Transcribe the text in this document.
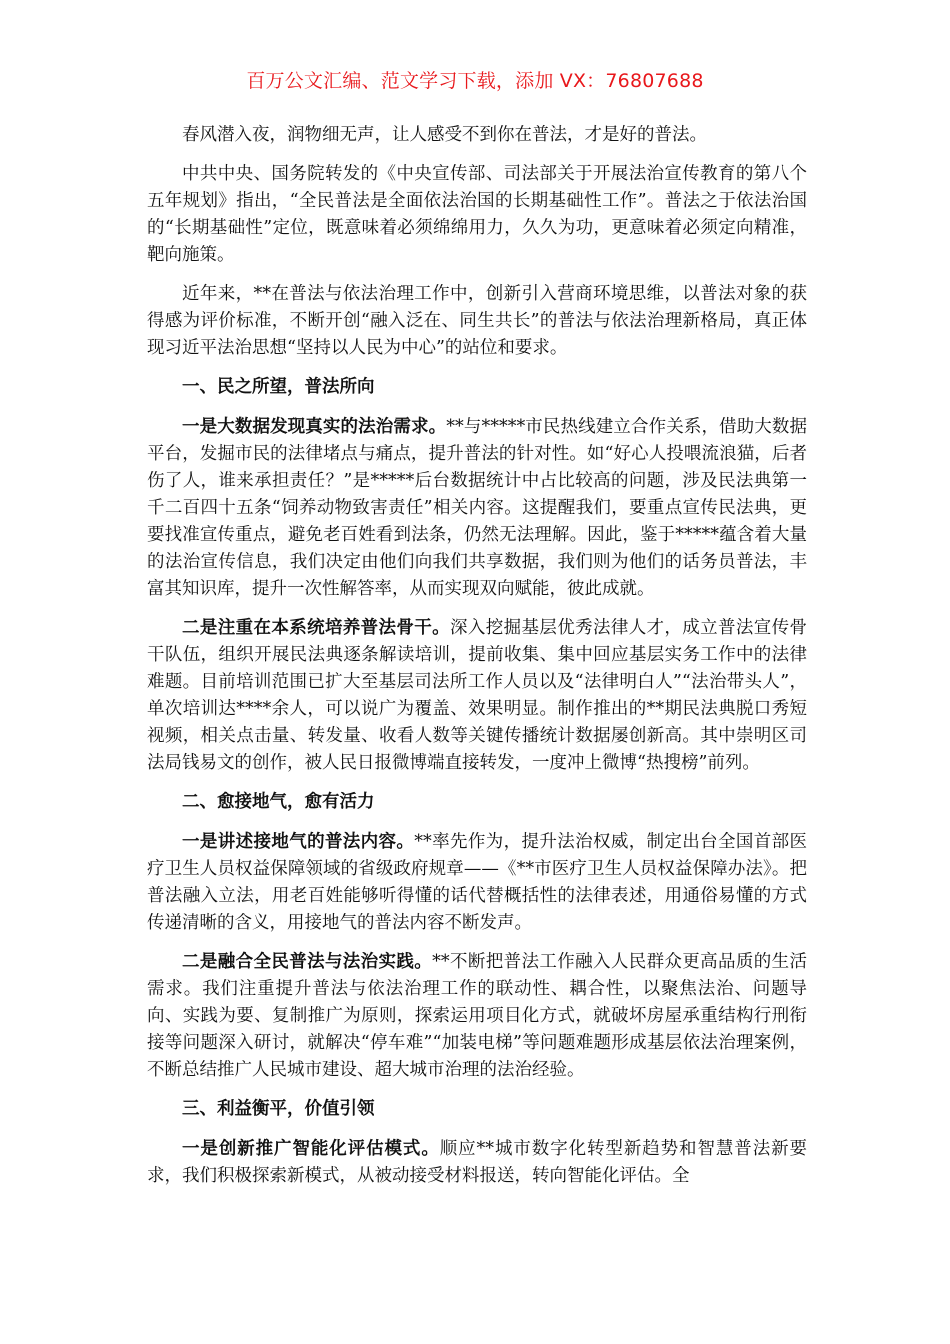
百万公文汇编、范文学习下载，添加 VX：76807688

春风潜入夜，润物细无声，让人感受不到你在普法，才是好的普法。

中共中央、国务院转发的《中央宣传部、司法部关于开展法治宣传教育的第八个五年规划》指出，“全民普法是全面依法治国的长期基础性工作”。普法之于依法治国的“长期基础性”定位，既意味着必须绵绵用力，久久为功，更意味着必须定向精准，靶向施策。

近年来，**在普法与依法治理工作中，创新引入营商环境思维，以普法对象的获得感为评价标准，不断开创“融入泛在、同生共长”的普法与依法治理新格局，真正体现习近平法治思想“坚持以人民为中心”的站位和要求。

一、民之所望，普法所向

一是大数据发现真实的法治需求。**与*****市民热线建立合作关系，借助大数据平台，发掘市民的法律堵点与痛点，提升普法的针对性。如“好心人投喂流浪猫，后者伤了人，谁来承担责任？”是*****后台数据统计中占比较高的问题，涉及民法典第一千二百四十五条“饲养动物致害责任”相关内容。这提醒我们，要重点宣传民法典，更要找准宣传重点，避免老百姓看到法条，仍然无法理解。因此，鉴于*****蕴含着大量的法治宣传信息，我们决定由他们向我们共享数据，我们则为他们的话务员普法，丰富其知识库，提升一次性解答率，从而实现双向赋能，彼此成就。

二是注重在本系统培养普法骨干。深入挖掘基层优秀法律人才，成立普法宣传骨干队伍，组织开展民法典逐条解读培训，提前收集、集中回应基层实务工作中的法律难题。目前培训范围已扩大至基层司法所工作人员以及“法律明白人”“法治带头人”，单次培训达****余人，可以说广为覆盖、效果明显。制作推出的**期民法典脱口秀短视频，相关点击量、转发量、收看人数等关键传播统计数据屡创新高。其中崇明区司法局钱易文的创作，被人民日报微博端直接转发，一度冲上微博“热搜榜”前列。

二、愈接地气，愈有活力

一是讲述接地气的普法内容。**率先作为，提升法治权威，制定出台全国首部医疗卫生人员权益保障领域的省级政府规章——《**市医疗卫生人员权益保障办法》。把普法融入立法，用老百姓能够听得懂的话代替概括性的法律表述，用通俗易懂的方式传递清晰的含义，用接地气的普法内容不断发声。

二是融合全民普法与法治实践。**不断把普法工作融入人民群众更高品质的生活需求。我们注重提升普法与依法治理工作的联动性、耦合性，以聚焦法治、问题导向、实践为要、复制推广为原则，探索运用项目化方式，就破坏房屋承重结构行刑衔接等问题深入研讨，就解决“停车难”“加装电梯”等问题难题形成基层依法治理案例，不断总结推广人民城市建设、超大城市治理的法治经验。

三、利益衡平，价值引领

一是创新推广智能化评估模式。顺应**城市数字化转型新趋势和智慧普法新要求，我们积极探索新模式，从被动接受材料报送，转向智能化评估。全
